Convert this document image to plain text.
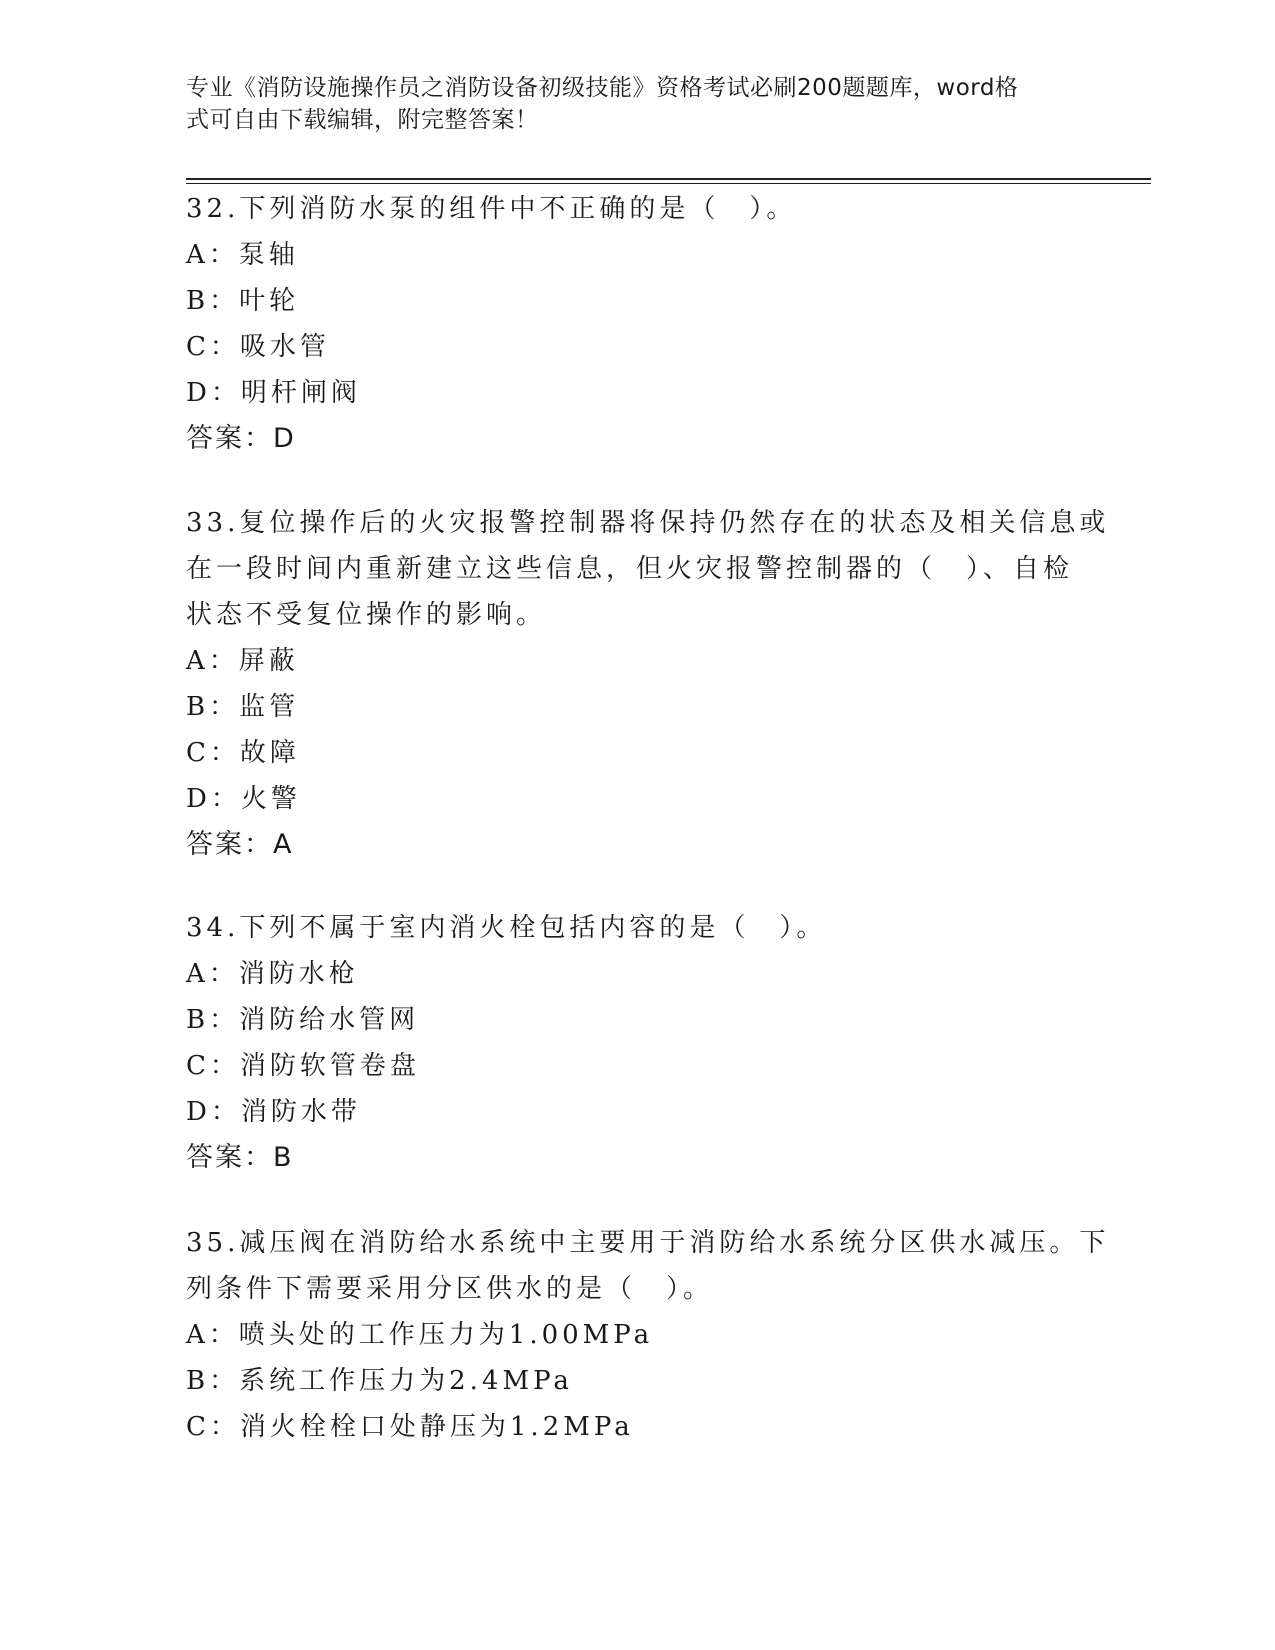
专业《消防设施操作员之消防设备初级技能》资格考试必刷200题题库，word格
式可自由下载编辑，附完整答案！
32.下列消防水泵的组件中不正确的是（　）。
A：泵轴
B：叶轮
C：吸水管
D：明杆闸阀
答案：D
33.复位操作后的火灾报警控制器将保持仍然存在的状态及相关信息或
在一段时间内重新建立这些信息，但火灾报警控制器的（　）、自检
状态不受复位操作的影响。
A：屏蔽
B：监管
C：故障
D：火警
答案：A
34.下列不属于室内消火栓包括内容的是（　）。
A：消防水枪
B：消防给水管网
C：消防软管卷盘
D：消防水带
答案：B
35.减压阀在消防给水系统中主要用于消防给水系统分区供水减压。下
列条件下需要采用分区供水的是（　）。
A：喷头处的工作压力为1.00MPa
B：系统工作压力为2.4MPa
C：消火栓栓口处静压为1.2MPa
